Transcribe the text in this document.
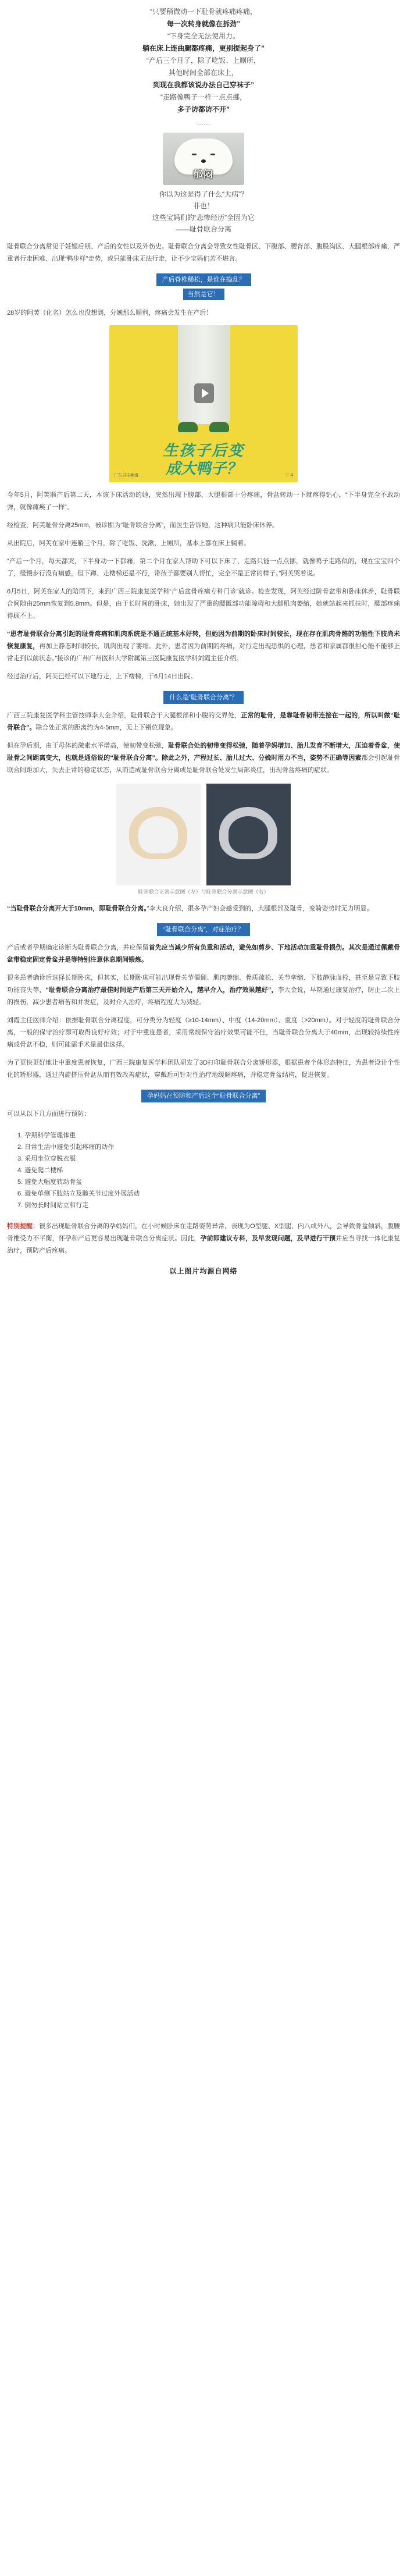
“只要稍微动一下耻骨就疼痛疼痛，
每一次转身就像在拆劲”
“下身完全无法使用力。
躺在床上连曲腿都疼痛，更别提起身了”
“产后三个月了，除了吃饭、上厕所，
其他时间全部在床上，
到现在我都该说办法自己穿袜子”
“走路像鸭子一样一点点挪，
多子访都访不开”
……
郁闷
你以为这是得了什么“大病”？
非也！
这些宝妈们的“悲惨经历”全因为它
——耻骨联合分离

耻骨联合分离常见于妊娠后期、产后的女性以及外伤史。耻骨联合分离会导致女性耻骨区、下腹部、腰背部、腹股沟区、大腿根部疼痛，严重者行走困难、出现“鸭步样”走势，或只能卧床无法行走，让不少宝妈们苦不堪言。

产后脊椎稀松，是谁在捣乱？
当然是它！

28岁的阿芙（化名）怎么也没想到，分娩那么顺利，疼痛会发生在产后！

生孩子后变
成大鸭子？
广东卫生频道	♡ 4

今年5月，阿芙顺产后第二天，本该下床活动的她，突然出现下腹部、大腿根部十分疼痛，骨盆转动一下就疼得钻心，“下半身完全不敢动弹，就像瘫痪了一样”。

经检查，阿芙耻骨分离25mm，被诊断为“耻骨联合分离”，而医生告诉她，这种病只能卧床休养。

从出院后，阿芙在家中连躺三个月，除了吃饭、洗漱、上厕所，基本上都在床上躺着。

“产后一个月，每天都哭，下半身动一下都痛，第二个月在家人帮助下可以下床了，走路只能一点点挪，就像鸭子走路似的，现在宝宝四个了，缓慢步行没有痛感，但下蹲、走楼梯还是不行，带孩子都要别人帮忙，完全不是正常的样子。”阿芙哭着说。

6月5日，阿芙在家人的陪同下，来到广西三院康复医学科“产后盆骨疼痛专科门诊”就诊。检查发现，阿芙经过阶骨盆带和卧床休养，耻骨联合间隙由25mm恢复到5.8mm。但是，由于长时间的卧床，她出现了严重的腰骶部功能障碍和大腿肌肉萎缩，她就站起来抓扶时，腰部疼痛得顾不上。

“患者耻骨联合分离引起的耻骨疼痛和肌肉系统是不通正统基本好转，但她因为前期的卧床时间较长，现在存在肌肉骨骼的功能性下肢尚未恢复康复，再加上静态时间较长，肌肉出现了萎缩。此外，患者因为前期的疼痛，对行走出现恐惧的心理，患者和家属都很担心能不能够正常走到以前状态。”接诊的广州广州医科大学附属第三医院康复医学科刘霞主任介绍。

经过治疗后，阿芙已经可以下地行走，上下楼梯，于6月14日出院。

什么是“耻骨联合分离”？

广西三院康复医学科主管技师李大金介绍，耻骨联合于大腿根部和小腹的交界处，正常的耻骨，是靠耻骨韧带连接在一起的，所以叫做“耻骨联合”。联合处正常的距离约为4-5mm，无上下错位现象。

但在孕后期，由于母体的激素水平增高，使韧带变松弛，耻骨联合处的韧带变得松弛，随着孕妈增加、胎儿发育不断增大，压迫着骨盆，使耻骨之间距离变大，也就是通俗说的“耻骨联合分离”。除此之外，产程过长、胎儿过大、分娩时用力不当，姿势不正确等因素都会引起耻骨联合间距加大，失去正常的稳定状态，从而造成耻骨联合分离或是耻骨联合处发生局部炎症，出现骨盆疼痛的症状。

耻骨联合正常示意图（左）与耻骨联合分离示意图（右）

“当耻骨联合分离开大于10mm，即耻骨联合分离。”李大良介绍，很多孕产妇会感受到的，大腿根部及耻骨，变骑姿势时无力明显。

“耻骨联合分离”，对症治疗？

产后或者孕期确定诊断为耻骨联合分离，并应保留首先应当减少所有负重和活动，避免如剪步、下地活动加重耻骨损伤。其次是通过佩戴骨盆带稳定固定骨盆并是等特别注意休息期间锻炼。

很多患者确诊后选择长期卧床，但其实，长期卧床可能出现骨关节僵硬、肌肉萎缩、骨质疏松、关节挛缩、下肢静脉血栓，甚至是导致下肢功能丧失等，“耻骨联合分离治疗最佳时间是产后第三天开始介入，越早介入，治疗效果越好”，李大金说，早期通过康复治疗，防止二次上的损伤，减少患者痛苦和并发症，及时介入治疗，疼痛程度大为减轻。

刘霞主任医师介绍：依据耻骨联合分离程度，可分类分为轻度（≥10-14mm）、中度（14-20mm）、重度（>20mm）。对于轻度的耻骨联合分离，一般的保守治疗即可取得良好疗效；对于中重度患者，采用常规保守治疗效果可能不佳，当耻骨联合分离大于40mm，出现较持续性疼痛或骨盆不稳，则可能需手术是最佳选择。

为了更快更好地让中重度患者恢复，广西三院康复医学科团队研发了3D打印耻骨联合分离矫形器，根据患者个体形态特征，为患者设计个性化的矫形器，通过内旋挤压骨盆从而有效改善症状，穿戴后可针对性治疗地缓解疼痛，并稳定骨盆结构，促进恢复。

孕妈妈在预防和产后这个“耻骨联合分离”

可以从以下几方面进行预防：

1. 孕期科学管理体重
2. 日常生活中避免引起疼痛的动作
3. 采用坐位穿脱衣服
4. 避免爬二楼梯
5. 避免大幅度转动骨盆
6. 避免单侧下肢站立及髋关节过度外展活动
7. 倒勿长时间站立和行走

特别提醒：很多出现耻骨联合分离的孕妈妈们，在小时候卧床在走路姿势异常，表现为O型腿、X型腿、内八或外八，会导致骨盆倾斜，腹腰骨椎受力不平衡，怀孕和产后更容易出现耻骨联合分离症状。因此，孕前即建议专科，及早发现问题，及早进行干预并应当寻找一体化康复治疗，预防产后疼痛。

以上图片均源自网络
